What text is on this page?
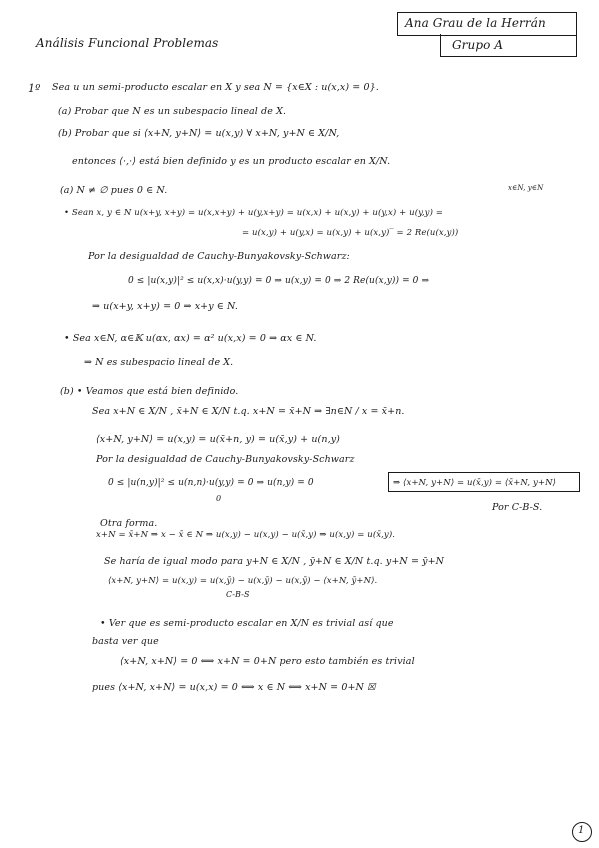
Análisis Funcional Problemas
Ana Grau de la Herrán
Grupo A
1º Sea u un semi-producto escalar en X y sea N = {x∈X : u(x,x) = 0}.
(a) Probar que N es un subespacio lineal de X.
(b) Probar que si ⟨x+N, y+N⟩ = u(x,y) ∀ x+N, y+N ∈ X/N,
entonces ⟨·,·⟩ está bien definido y es un producto escalar en X/N.
(a) N ≠ ∅ pues 0 ∈ N.	x∈N, y∈N
• Sean x, y ∈ N u(x+y, x+y) = u(x,x+y) + u(y,x+y) = u(x,x) + u(x,y) + u(y,x) + u(y,y) =
= u(x,y) + u(y,x) = u(x,y) + u(x,y)‾ = 2 Re(u(x,y))
Por la desigualdad de Cauchy-Bunyakovsky-Schwarz:
0 ≤ |u(x,y)|² ≤ u(x,x)·u(y,y) = 0 ⇒ u(x,y) = 0 ⇒ 2 Re(u(x,y)) = 0 ⇒
⇒ u(x+y, x+y) = 0 ⇒ x+y ∈ N.
• Sea x∈N, α∈𝕂 u(αx, αx) = α² u(x,x) = 0 ⇒ αx ∈ N.
⇒ N es subespacio lineal de X.
(b) • Veamos que está bien definido.
Sea x+N ∈ X/N , x̄+N ∈ X/N t.q. x+N = x̄+N ⇒ ∃n∈N / x = x̄+n.
⟨x+N, y+N⟩ = u(x,y) = u(x̄+n, y) = u(x̄,y) + u(n,y)
Por la desigualdad de Cauchy-Bunyakovsky-Schwarz
0 ≤ |u(n,y)|² ≤ u(n,n)·u(y,y) = 0 ⇒ u(n,y) = 0	⇒ ⟨x+N, y+N⟩ = u(x̄,y) = ⟨x̄+N, y+N⟩
0
Por C-B-S.
Otra forma.
x+N = x̄+N ⇒ x − x̄ ∈ N ⇒ u(x,y) − u(x,y) − u(x̄,y) ⇒ u(x,y) = u(x̄,y).
Se haría de igual modo para y+N ∈ X/N , ȳ+N ∈ X/N t.q. y+N = ȳ+N
⟨x+N, y+N⟩ = u(x,y) = u(x,ȳ) − u(x,ȳ) − u(x,ȳ) − ⟨x+N, ȳ+N⟩.
C-B-S
• Ver que es semi-producto escalar en X/N es trivial así que
basta ver que
⟨x+N, x+N⟩ = 0 ⟺ x+N = 0+N pero esto también es trivial
pues ⟨x+N, x+N⟩ = u(x,x) = 0 ⟺ x ∈ N ⟺ x+N = 0+N ☒
1
